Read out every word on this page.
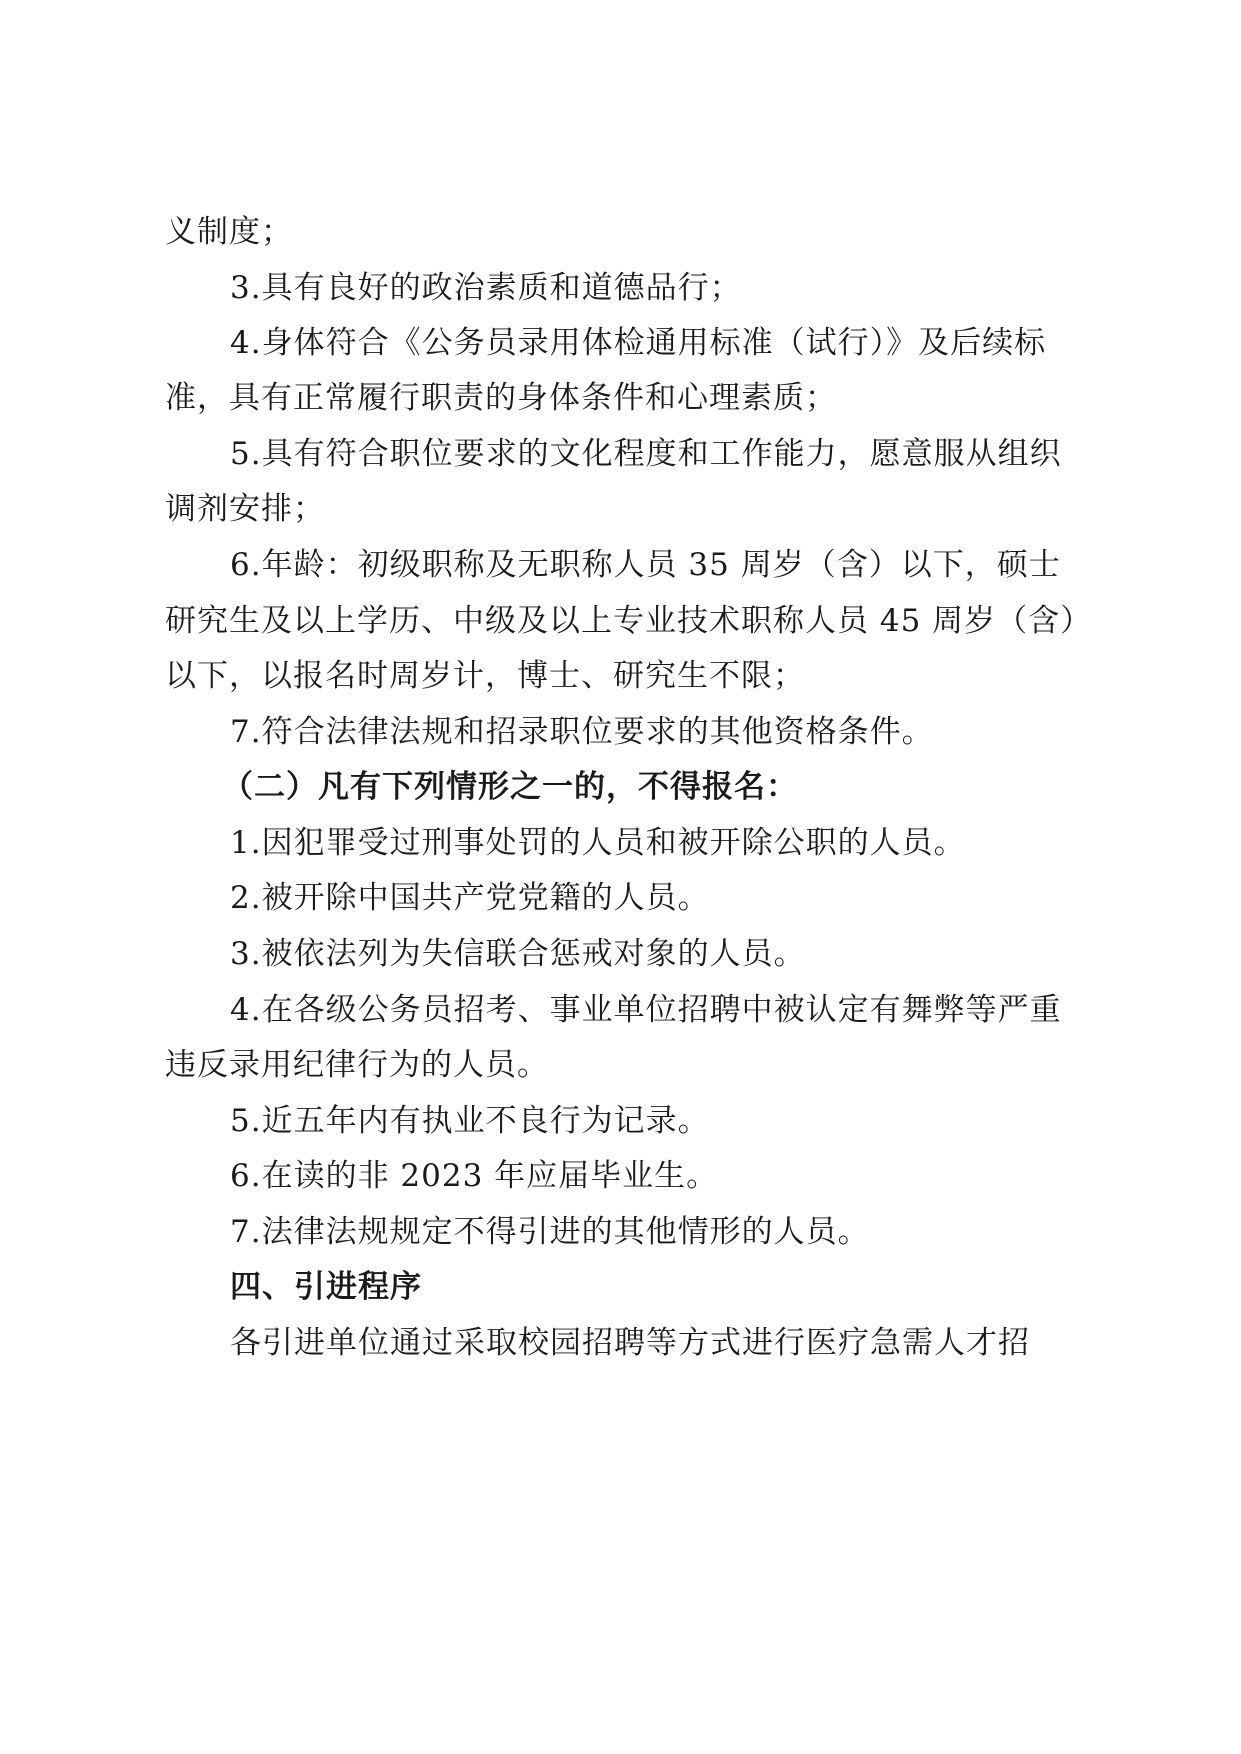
义制度；
3.具有良好的政治素质和道德品行；
4.身体符合《公务员录用体检通用标准（试行）》及后续标
准，具有正常履行职责的身体条件和心理素质；
5.具有符合职位要求的文化程度和工作能力，愿意服从组织
调剂安排；
6.年龄：初级职称及无职称人员 35 周岁（含）以下，硕士
研究生及以上学历、中级及以上专业技术职称人员 45 周岁（含）
以下，以报名时周岁计，博士、研究生不限；
7.符合法律法规和招录职位要求的其他资格条件。
（二）凡有下列情形之一的，不得报名：
1.因犯罪受过刑事处罚的人员和被开除公职的人员。
2.被开除中国共产党党籍的人员。
3.被依法列为失信联合惩戒对象的人员。
4.在各级公务员招考、事业单位招聘中被认定有舞弊等严重
违反录用纪律行为的人员。
5.近五年内有执业不良行为记录。
6.在读的非 2023 年应届毕业生。
7.法律法规规定不得引进的其他情形的人员。
四、引进程序
各引进单位通过采取校园招聘等方式进行医疗急需人才招
